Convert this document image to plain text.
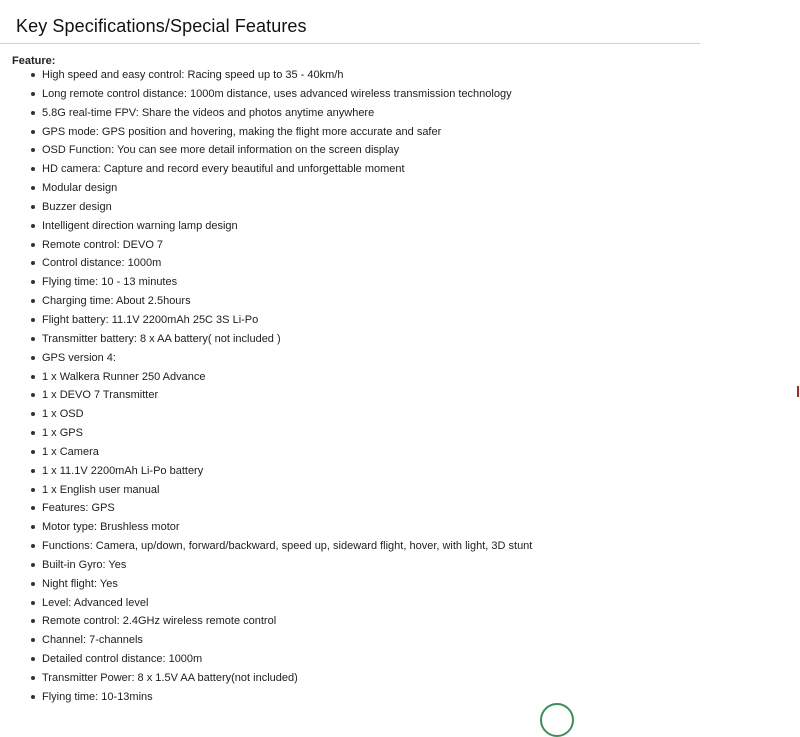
Key Specifications/Special Features
Feature:
High speed and easy control: Racing speed up to 35 - 40km/h
Long remote control distance: 1000m distance, uses advanced wireless transmission technology
5.8G real-time FPV: Share the videos and photos anytime anywhere
GPS mode: GPS position and hovering, making the flight more accurate and safer
OSD Function: You can see more detail information on the screen display
HD camera: Capture and record every beautiful and unforgettable moment
Modular design
Buzzer design
Intelligent direction warning lamp design
Remote control: DEVO 7
Control distance: 1000m
Flying time: 10 - 13 minutes
Charging time: About 2.5hours
Flight battery: 11.1V 2200mAh 25C 3S Li-Po
Transmitter battery: 8 x AA battery( not included )
GPS version 4:
1 x Walkera Runner 250 Advance
1 x DEVO 7 Transmitter
1 x OSD
1 x GPS
1 x Camera
1 x 11.1V 2200mAh Li-Po battery
1 x English user manual
Features: GPS
Motor type: Brushless motor
Functions: Camera, up/down, forward/backward, speed up, sideward flight, hover, with light, 3D stunt
Built-in Gyro: Yes
Night flight: Yes
Level: Advanced level
Remote control: 2.4GHz wireless remote control
Channel: 7-channels
Detailed control distance: 1000m
Transmitter Power: 8 x 1.5V AA battery(not included)
Flying time: 10-13mins
